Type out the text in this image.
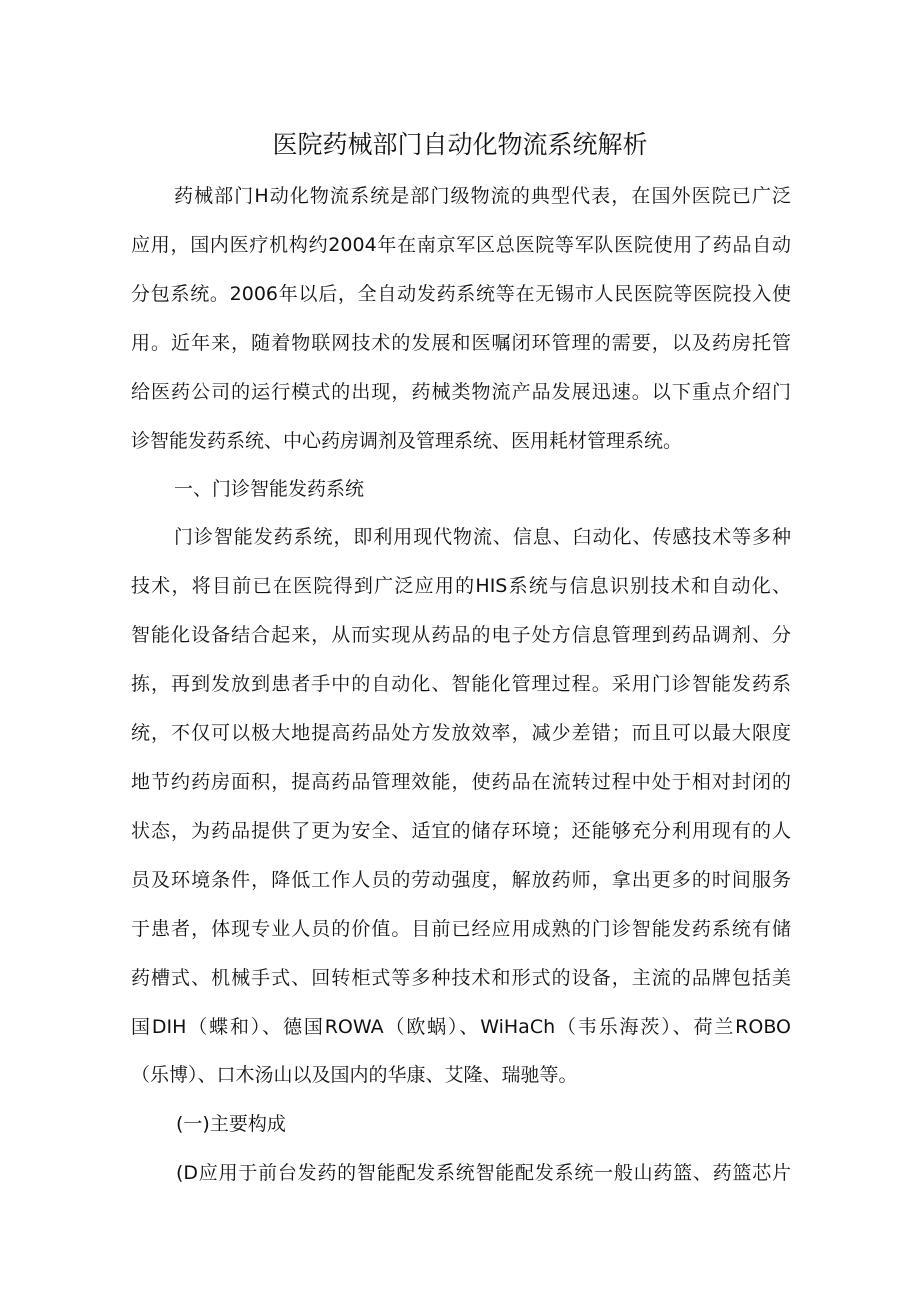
医院药械部门自动化物流系统解析
药械部门H动化物流系统是部门级物流的典型代表，在国外医院已广泛
应用，国内医疗机构约2004年在南京军区总医院等军队医院使用了药品自动
分包系统。2006年以后，全自动发药系统等在无锡市人民医院等医院投入使
用。近年来，随着物联网技术的发展和医嘱闭环管理的需要，以及药房托管
给医药公司的运行模式的出现，药械类物流产品发展迅速。以下重点介绍门
诊智能发药系统、中心药房调剂及管理系统、医用耗材管理系统。
一、门诊智能发药系统
门诊智能发药系统，即利用现代物流、信息、臼动化、传感技术等多种
技术，将目前已在医院得到广泛应用的HIS系统与信息识别技术和自动化、
智能化设备结合起来，从而实现从药品的电子处方信息管理到药品调剂、分
拣，再到发放到患者手中的自动化、智能化管理过程。采用门诊智能发药系
统，不仅可以极大地提高药品处方发放效率，减少差错；而且可以最大限度
地节约药房面积，提高药品管理效能，使药品在流转过程中处于相对封闭的
状态，为药品提供了更为安全、适宜的储存环境；还能够充分利用现有的人
员及环境条件，降低工作人员的劳动强度，解放药师，拿出更多的时间服务
于患者，体现专业人员的价值。目前已经应用成熟的门诊智能发药系统有储
药槽式、机械手式、回转柜式等多种技术和形式的设备，主流的品牌包括美
国DIH（蝶和）、德国ROWA（欧蜗）、WiHaCh（韦乐海茨）、荷兰ROBO
（乐博）、口木汤山以及国内的华康、艾隆、瑞驰等。
(一)主要构成
(D应用于前台发药的智能配发系统智能配发系统一般山药篮、药篮芯片
